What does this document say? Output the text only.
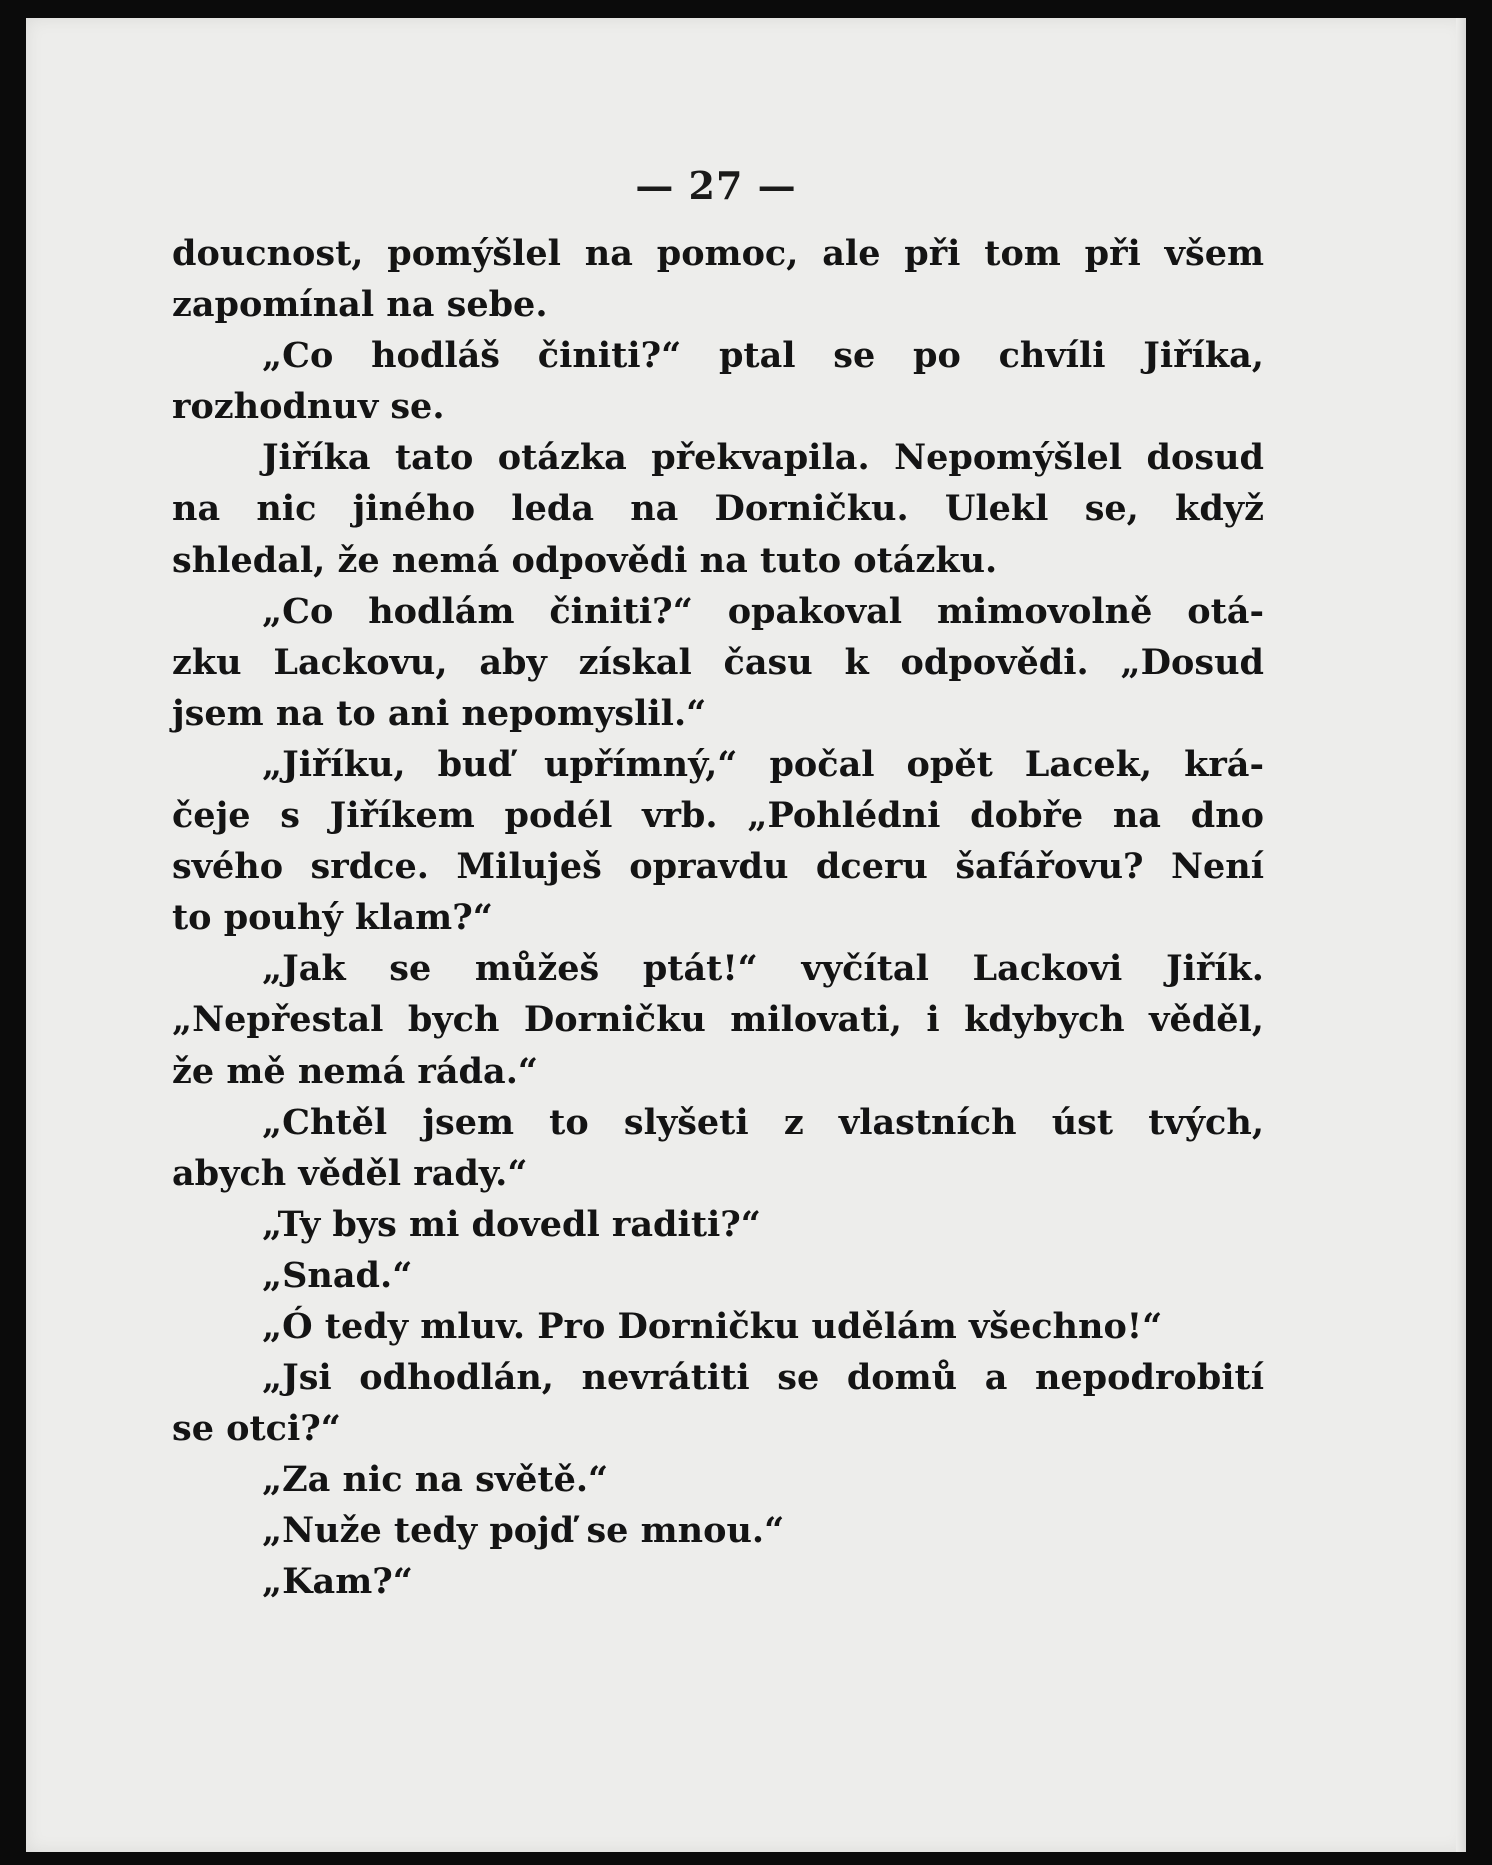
— 27 —
doucnost, pomýšlel na pomoc, ale při tom při všem
zapomínal na sebe.
„Co hodláš činiti?“ ptal se po chvíli Jiříka,
rozhodnuv se.
Jiříka tato otázka překvapila. Nepomýšlel dosud
na nic jiného leda na Dorničku. Ulekl se, když
shledal, že nemá odpovědi na tuto otázku.
„Co hodlám činiti?“ opakoval mimovolně otá-
zku Lackovu, aby získal času k odpovědi. „Dosud
jsem na to ani nepomyslil.“
„Jiříku, buď upřímný,“ počal opět Lacek, krá-
čeje s Jiříkem podél vrb. „Pohlédni dobře na dno
svého srdce. Miluješ opravdu dceru šafářovu? Není
to pouhý klam?“
„Jak se můžeš ptát!“ vyčítal Lackovi Jiřík.
„Nepřestal bych Dorničku milovati, i kdybych věděl,
že mě nemá ráda.“
„Chtěl jsem to slyšeti z vlastních úst tvých,
abych věděl rady.“
„Ty bys mi dovedl raditi?“
„Snad.“
„Ó tedy mluv. Pro Dorničku udělám všechno!“
„Jsi odhodlán, nevrátiti se domů a nepodrobití
se otci?“
„Za nic na světě.“
„Nuže tedy pojď se mnou.“
„Kam?“
